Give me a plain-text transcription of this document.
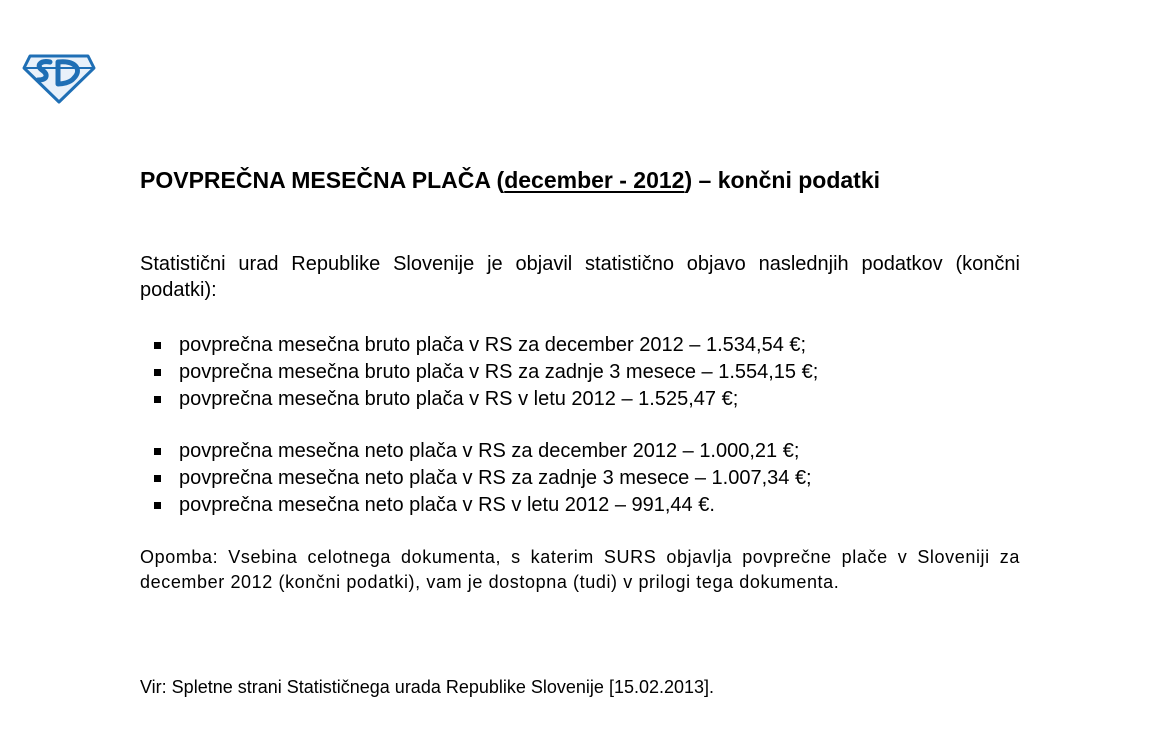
POVPREČNA MESEČNA PLAČA (december - 2012) – končni podatki
Statistični urad Republike Slovenije je objavil statistično objavo naslednjih podatkov (končni podatki):
povprečna mesečna bruto plača v RS za december 2012 – 1.534,54 €;
povprečna mesečna bruto plača v RS za zadnje 3 mesece – 1.554,15 €;
povprečna mesečna bruto plača v RS v letu 2012 – 1.525,47 €;
povprečna mesečna neto plača v RS za december 2012 – 1.000,21 €;
povprečna mesečna neto plača v RS za zadnje 3 mesece – 1.007,34 €;
povprečna mesečna neto plača v RS v letu 2012 – 991,44 €.
Opomba: Vsebina celotnega dokumenta, s katerim SURS objavlja povprečne plače v Sloveniji za december 2012 (končni podatki), vam je dostopna (tudi) v prilogi tega dokumenta.
Vir: Spletne strani Statističnega urada Republike Slovenije [15.02.2013].
